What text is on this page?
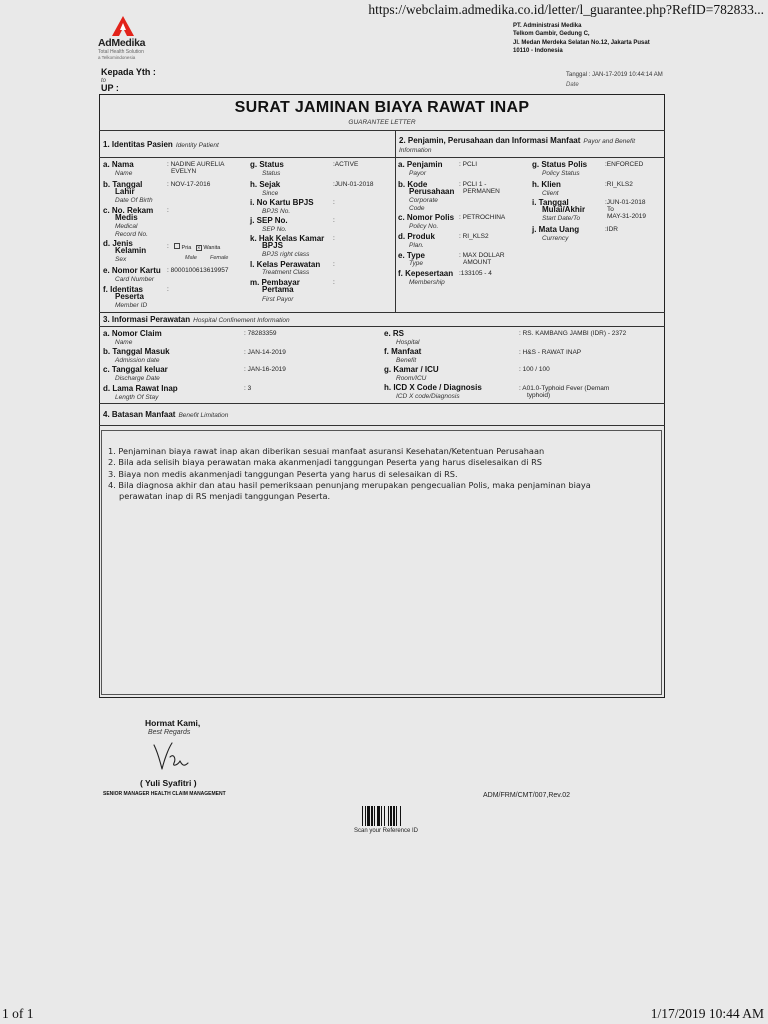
https://webclaim.admedika.co.id/letter/l_guarantee.php?RefID=782833...
AdMedika
Total Health Solution
a Telkomindonesia
PT. Administrasi Medika
Telkom Gambir, Gedung C,
Jl. Medan Merdeka Selatan No.12, Jakarta Pusat
10110 - Indonesia
Kepada Yth :
to
UP :
Tanggal : JAN-17-2019 10:44:14 AM
Date
SURAT JAMINAN BIAYA RAWAT INAP
GUARANTEE LETTER
1. Identitas Pasien Identity Patient
a. Nama
Name
: NADINE AURELIA
EVELYN
b. Tanggal
Lahir
Date Of Birth
: NOV-17-2016
c. No. Rekam
Medis
Medical
Record No.
:
d. Jenis
Kelamin
Sex
:	Pria ✕ Wanita
Male Female
e. Nomor Kartu
Card Number
: 8000100613619957
f. Identitas
Peserta
Member ID
:
g. Status
Status
:ACTIVE
h. Sejak
Since
:JUN-01-2018
i. No Kartu BPJS
BPJS No.
:
j. SEP No.
SEP No.
:
k. Hak Kelas Kamar
BPJS
BPJS right class
:
l. Kelas Perawatan
Treatment Class
:
m. Pembayar
Pertama
First Payor
:
2. Penjamin, Perusahaan dan Informasi Manfaat Payor and Benefit
Information
a. Penjamin
Payor
: PCLI
b. Kode
Perusahaan
Corporate
Code
: PCLI 1 -
PERMANEN
c. Nomor Polis
Policy No.
: PETROCHINA
d. Produk
Plan.
: RI_KLS2
e. Type
Type
: MAX DOLLAR
AMOUNT
f. Kepesertaan
Membership
:133105 - 4
g. Status Polis
Policy Status
:ENFORCED
h. Klien
Client
:RI_KLS2
i. Tanggal
Mulai/Akhir
Start Date/To
:JUN-01-2018
To
MAY-31-2019
j. Mata Uang
Currency
:IDR
3. Informasi Perawatan Hospital Confinement Information
a. Nomor Claim
Name
: 78283359
b. Tanggal Masuk
Admission date
: JAN-14-2019
c. Tanggal keluar
Discharge Date
: JAN-16-2019
d. Lama Rawat Inap
Length Of Stay
: 3
e. RS
Hospital
: RS. KAMBANG JAMBI (IDR) - 2372
f. Manfaat
Benefit
: H&S - RAWAT INAP
g. Kamar / ICU
Room/ICU
: 100 / 100
h. ICD X Code / Diagnosis
ICD X code/Diagnosis
: A01.0-Typhoid Fever (Demam
typhoid)
4. Batasan Manfaat Benefit Limitation
1. Penjaminan biaya rawat inap akan diberikan sesuai manfaat asuransi Kesehatan/Ketentuan Perusahaan
2. Bila ada selisih biaya perawatan maka akanmenjadi tanggungan Peserta yang harus diselesaikan di RS
3. Biaya non medis akanmenjadi tanggungan Peserta yang harus di selesaikan di RS.
4. Bila diagnosa akhir dan atau hasil pemeriksaan penunjang merupakan pengecualian Polis, maka penjaminan biaya
perawatan inap di RS menjadi tanggungan Peserta.
Hormat Kami,
Best Regards
( Yuli Syafitri )
SENIOR MANAGER HEALTH CLAIM MANAGEMENT	ADM/FRM/CMT/007,Rev.02
Scan your Reference ID
1 of 1	1/17/2019 10:44 AM
